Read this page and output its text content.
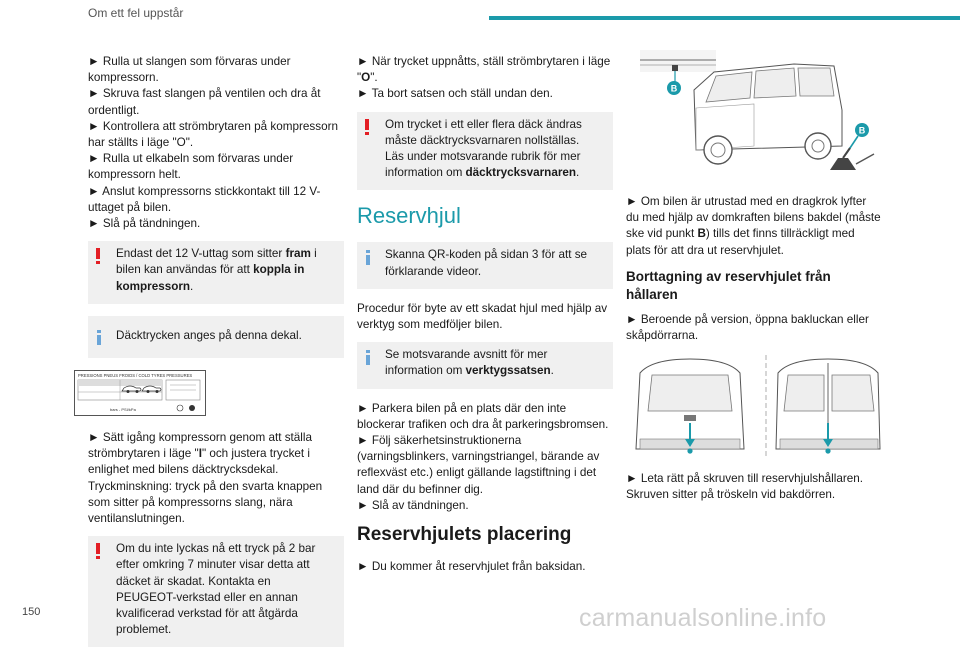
Om ett fel uppstår

► Rulla ut slangen som förvaras under kompressorn.

► Skruva fast slangen på ventilen och dra åt ordentligt.

► Kontrollera att strömbrytaren på kompressorn har ställts i läge "O".

► Rulla ut elkabeln som förvaras under kompressorn helt.

► Anslut kompressorns stickkontakt till 12 V-uttaget på bilen.

► Slå på tändningen.

Endast det 12 V-uttag som sitter fram i bilen kan användas för att koppla in kompressorn.
Däcktrycken anges på denna dekal.
PRESSIONS PNEUS FROIDS / COLD TYRES PRESSURES
bars - PSI/kPa

► Sätt igång kompressorn genom att ställa strömbrytaren i läge "I" och justera trycket i enlighet med bilens däcktrycksdekal. Tryckminskning: tryck på den svarta knappen som sitter på kompressorns slang, nära ventilanslutningen.

Om du inte lyckas nå ett tryck på 2 bar efter omkring 7 minuter visar detta att däcket är skadat. Kontakta en PEUGEOT-verkstad eller en annan kvalificerad verkstad för att åtgärda problemet.

► När trycket uppnåtts, ställ strömbrytaren i läge "O".

► Ta bort satsen och ställ undan den.

Om trycket i ett eller flera däck ändras måste däcktrycksvarnaren nollställas. Läs under motsvarande rubrik för mer information om däcktrycksvarnaren.
Reservhjul
Skanna QR-koden på sidan 3 för att se förklarande videor.

Procedur för byte av ett skadat hjul med hjälp av verktyg som medföljer bilen.

Se motsvarande avsnitt för mer information om verktygssatsen.

► Parkera bilen på en plats där den inte blockerar trafiken och dra åt parkeringsbromsen.

► Följ säkerhetsinstruktionerna (varningsblinkers, varningstriangel, bärande av reflexväst etc.) enligt gällande lagstiftning i det land där du befinner dig.

► Slå av tändningen.

Reservhjulets placering

► Du kommer åt reservhjulet från baksidan.

B
B

► Om bilen är utrustad med en dragkrok lyfter du med hjälp av domkraften bilens bakdel (måste ske vid punkt B) tills det finns tillräckligt med plats för att dra ut reservhjulet.

Borttagning av reservhjulet från hållaren

► Beroende på version, öppna bakluckan eller skåpdörrarna.

► Leta rätt på skruven till reservhjulshållaren. Skruven sitter på tröskeln vid bakdörren.

150	carmanualsonline.info
